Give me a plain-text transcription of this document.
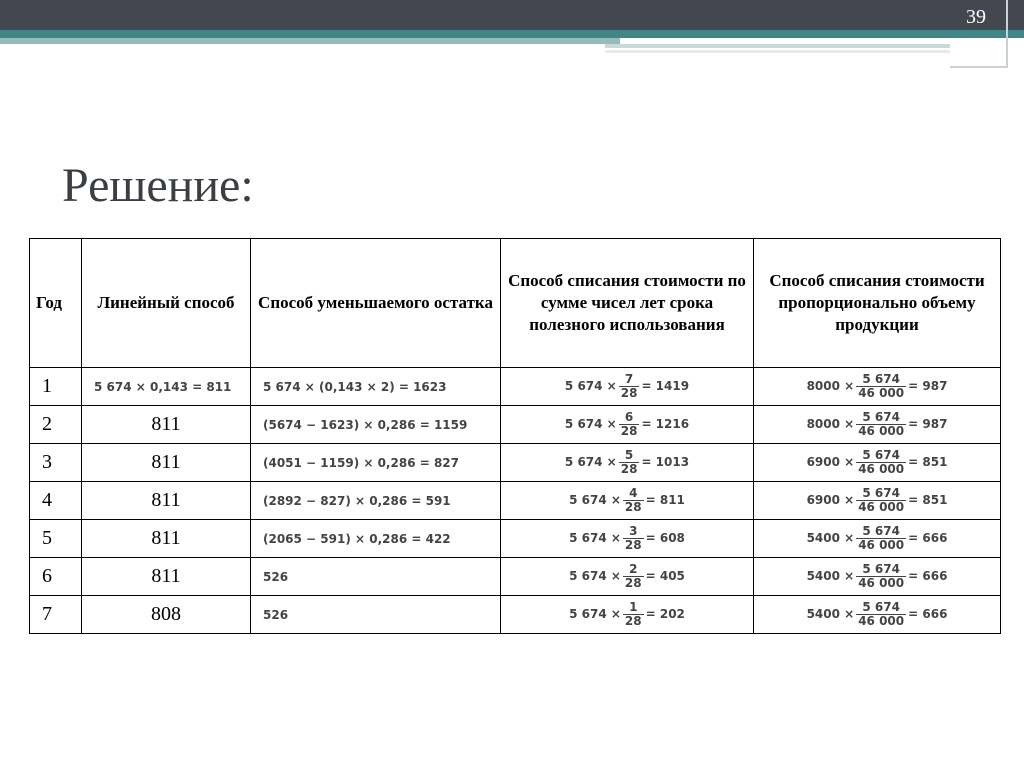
39
Решение:
Год	Линейный способ	Способ уменьшаемого остатка	Способ списания стоимости по сумме чисел лет срока полезного использования	Способ списания стоимости пропорционально объему продукции
1	5 674 × 0,143 = 811	5 674 × (0,143 × 2) = 1623	5 $674 \times \frac{7}{28} = 1419$	$8000 \times \frac{5 674}{46 000} = 987$
2	811	(5674 − 1623) × 0,286 = 1159	5 $674 \times \frac{6}{28} = 1216$	$8000 \times \frac{5 674}{46 000} = 987$
3	811	(4051 − 1159) × 0,286 = 827	5 $674 \times \frac{5}{28} = 1013$	$6900 \times \frac{5 674}{46 000} = 851$
4	811	(2892 − 827) × 0,286 = 591	5 $674 \times \frac{4}{28} = 811$	$6900 \times \frac{5 674}{46 000} = 851$
5	811	(2065 − 591) × 0,286 = 422	5 $674 \times \frac{3}{28} = 608$	$5400 \times \frac{5 674}{46 000} = 666$
6	811	526	5 $674 \times \frac{2}{28} = 405$	$5400 \times \frac{5 674}{46 000} = 666$
7	808	526	5 $674 \times \frac{1}{28} = 202$	$5400 \times \frac{5 674}{46 000} = 666$
